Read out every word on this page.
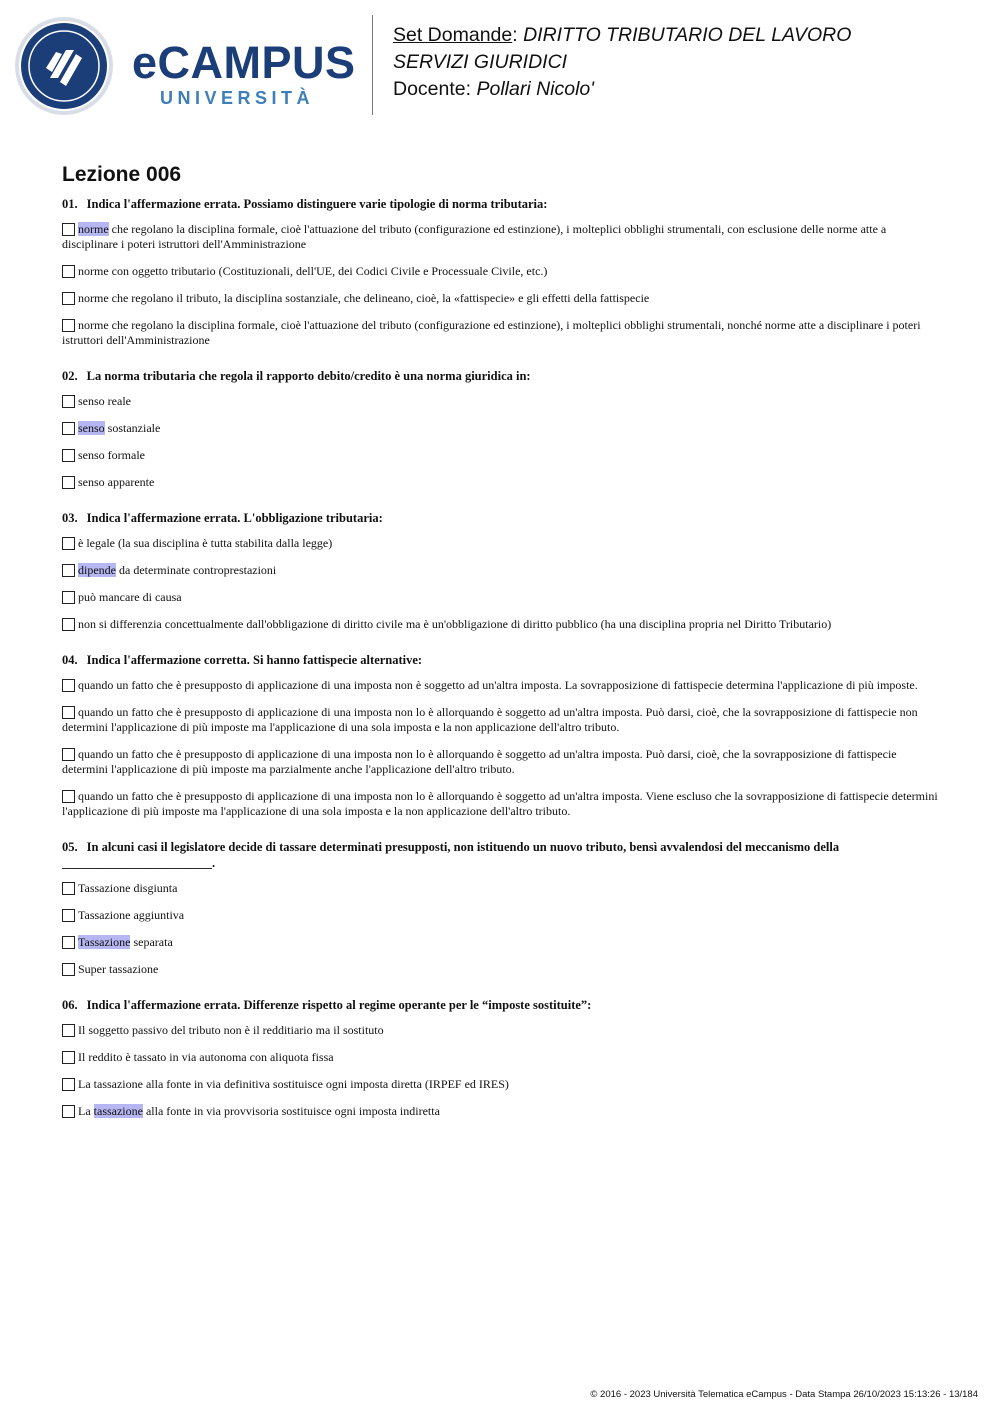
eCAMPUS
UNIVERSITÀ
Set Domande: DIRITTO TRIBUTARIO DEL LAVORO
SERVIZI GIURIDICI
Docente: Pollari Nicolo'
Lezione 006
01. Indica l'affermazione errata. Possiamo distinguere varie tipologie di norma tributaria:
norme che regolano la disciplina formale, cioè l'attuazione del tributo (configurazione ed estinzione), i molteplici obblighi strumentali, con esclusione delle norme atte a disciplinare i poteri istruttori dell'Amministrazione
norme con oggetto tributario (Costituzionali, dell'UE, dei Codici Civile e Processuale Civile, etc.)
norme che regolano il tributo, la disciplina sostanziale, che delineano, cioè, la «fattispecie» e gli effetti della fattispecie
norme che regolano la disciplina formale, cioè l'attuazione del tributo (configurazione ed estinzione), i molteplici obblighi strumentali, nonché norme atte a disciplinare i poteri istruttori dell'Amministrazione
02. La norma tributaria che regola il rapporto debito/credito è una norma giuridica in:
senso reale
senso sostanziale
senso formale
senso apparente
03. Indica l'affermazione errata. L'obbligazione tributaria:
è legale (la sua disciplina è tutta stabilita dalla legge)
dipende da determinate controprestazioni
può mancare di causa
non si differenzia concettualmente dall'obbligazione di diritto civile ma è un'obbligazione di diritto pubblico (ha una disciplina propria nel Diritto Tributario)
04. Indica l'affermazione corretta. Si hanno fattispecie alternative:
quando un fatto che è presupposto di applicazione di una imposta non è soggetto ad un'altra imposta. La sovrapposizione di fattispecie determina l'applicazione di più imposte.
quando un fatto che è presupposto di applicazione di una imposta non lo è allorquando è soggetto ad un'altra imposta. Può darsi, cioè, che la sovrapposizione di fattispecie non determini l'applicazione di più imposte ma l'applicazione di una sola imposta e la non applicazione dell'altro tributo.
quando un fatto che è presupposto di applicazione di una imposta non lo è allorquando è soggetto ad un'altra imposta. Può darsi, cioè, che la sovrapposizione di fattispecie determini l'applicazione di più imposte ma parzialmente anche l'applicazione dell'altro tributo.
quando un fatto che è presupposto di applicazione di una imposta non lo è allorquando è soggetto ad un'altra imposta. Viene escluso che la sovrapposizione di fattispecie determini l'applicazione di più imposte ma l'applicazione di una sola imposta e la non applicazione dell'altro tributo.
05. In alcuni casi il legislatore decide di tassare determinati presupposti, non istituendo un nuovo tributo, bensì avvalendosi del meccanismo della ________________________.
Tassazione disgiunta
Tassazione aggiuntiva
Tassazione separata
Super tassazione
06. Indica l'affermazione errata. Differenze rispetto al regime operante per le “imposte sostituite”:
Il soggetto passivo del tributo non è il redditiario ma il sostituto
Il reddito è tassato in via autonoma con aliquota fissa
La tassazione alla fonte in via definitiva sostituisce ogni imposta diretta (IRPEF ed IRES)
La tassazione alla fonte in via provvisoria sostituisce ogni imposta indiretta
© 2016 - 2023 Università Telematica eCampus - Data Stampa 26/10/2023 15:13:26 - 13/184
